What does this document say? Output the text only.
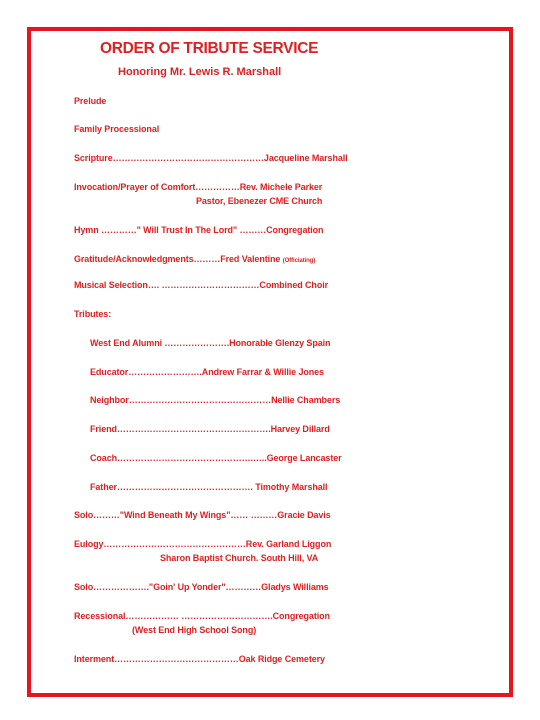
ORDER OF TRIBUTE SERVICE
Honoring Mr. Lewis R. Marshall
Prelude
Family Processional
Scripture……………………………………………Jacqueline Marshall
Invocation/Prayer of Comfort……………Rev. Michele Parker
Pastor, Ebenezer CME Church
Hymn …………" Will Trust In The Lord" ………Congregation
Gratitude/Acknowledgments………Fred Valentine (Officiating)
Musical Selection…. ……………………………Combined Choir
Tributes:
West End Alumni ………………….Honorable Glenzy Spain
Educator…………………….Andrew Farrar & Willie Jones
Neighbor…………………………………………Nellie Chambers
Friend…………………………………………….Harvey Dillard
Coach……………………………………….…..George Lancaster
Father………………………………………. Timothy Marshall
Solo………"Wind Beneath My Wings"…… ………Gracie Davis
Eulogy…………………………………………Rev. Garland Liggon
Sharon Baptist Church. South Hill, VA
Solo………………."Goin' Up Yonder"…………Gladys Williams
Recessional……………… ………………………….Congregation
(West End High School Song)
Interment……………………………………Oak Ridge Cemetery
